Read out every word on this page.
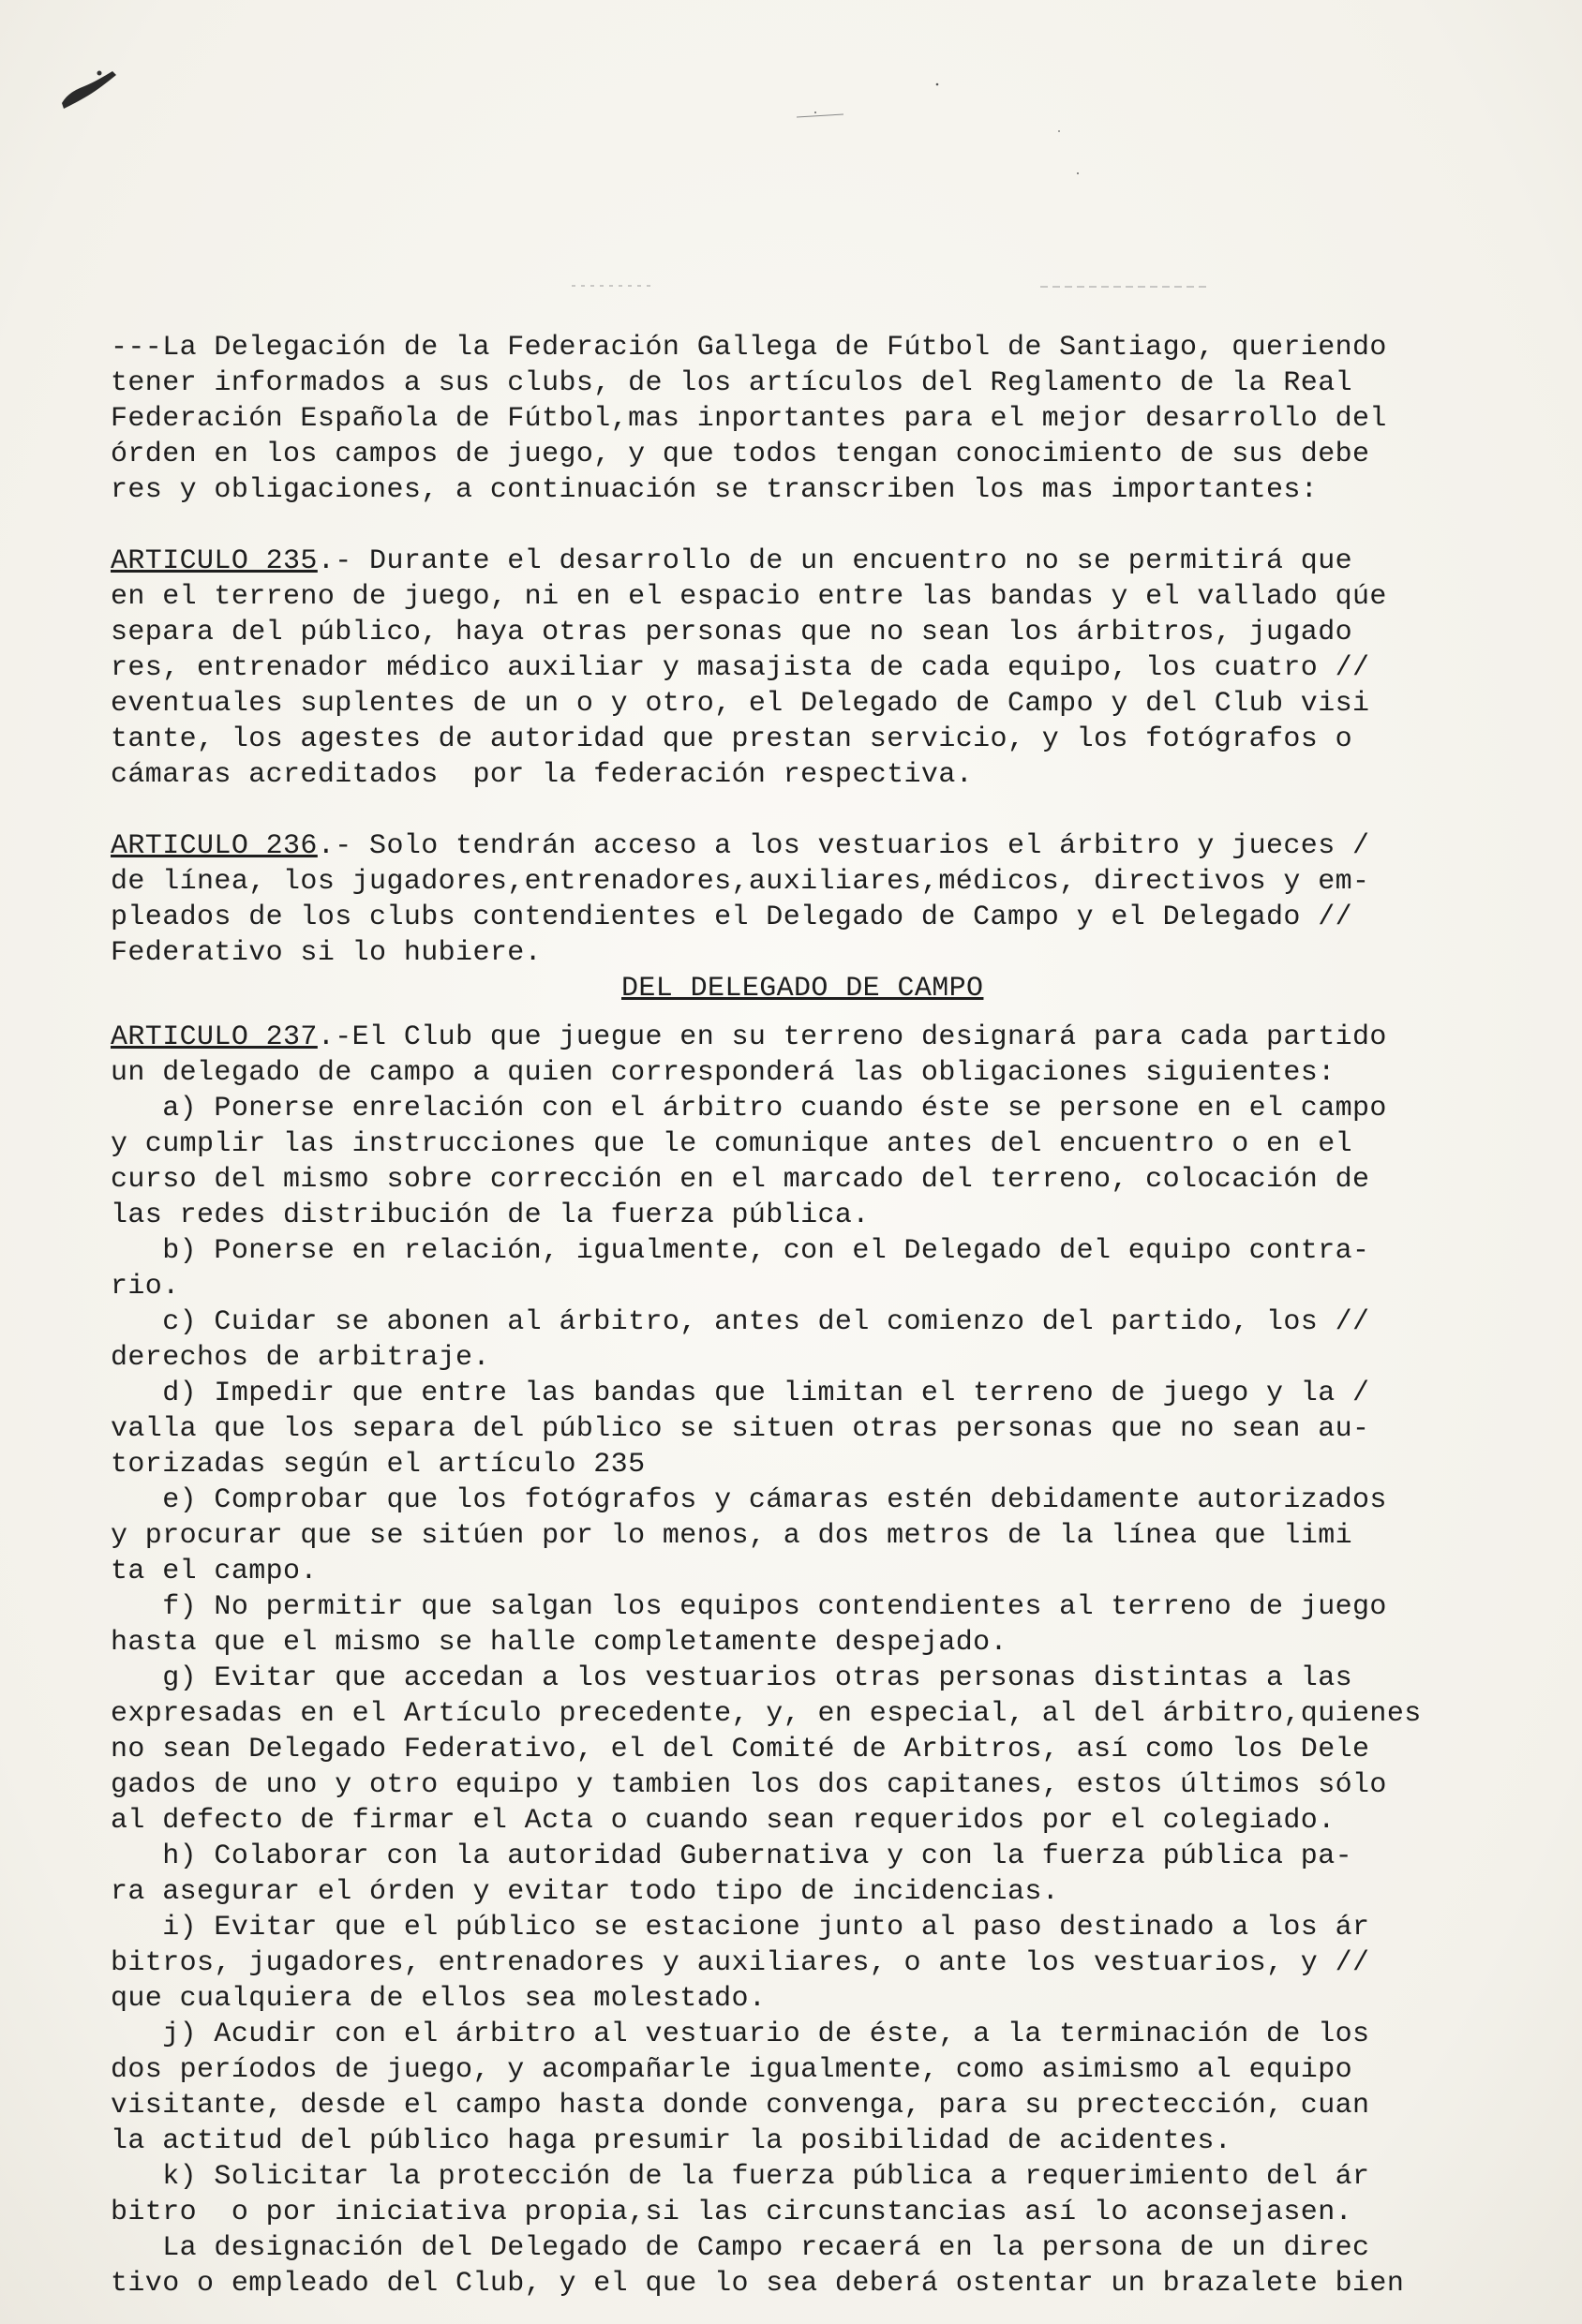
---La Delegación de la Federación Gallega de Fútbol de Santiago, queriendo

tener informados a sus clubs, de los artículos del Reglamento de la Real

Federación Española de Fútbol,mas inportantes para el mejor desarrollo del

órden en los campos de juego, y que todos tengan conocimiento de sus debe

res y obligaciones, a continuación se transcriben los mas importantes:

ARTICULO 235.- Durante el desarrollo de un encuentro no se permitirá que

en el terreno de juego, ni en el espacio entre las bandas y el vallado qúe

separa del público, haya otras personas que no sean los árbitros, jugado

res, entrenador médico auxiliar y masajista de cada equipo, los cuatro //

eventuales suplentes de un o y otro, el Delegado de Campo y del Club visi

tante, los agestes de autoridad que prestan servicio, y los fotógrafos o

cámaras acreditados  por la federación respectiva.

ARTICULO 236.- Solo tendrán acceso a los vestuarios el árbitro y jueces /

de línea, los jugadores,entrenadores,auxiliares,médicos, directivos y em-

pleados de los clubs contendientes el Delegado de Campo y el Delegado //

Federativo si lo hubiere.

DEL DELEGADO DE CAMPO

ARTICULO 237.-El Club que juegue en su terreno designará para cada partido

un delegado de campo a quien corresponderá las obligaciones siguientes:

a) Ponerse enrelación con el árbitro cuando éste se persone en el campo

y cumplir las instrucciones que le comunique antes del encuentro o en el

curso del mismo sobre corrección en el marcado del terreno, colocación de

las redes distribución de la fuerza pública.

b) Ponerse en relación, igualmente, con el Delegado del equipo contra-

rio.

c) Cuidar se abonen al árbitro, antes del comienzo del partido, los //

derechos de arbitraje.

d) Impedir que entre las bandas que limitan el terreno de juego y la /

valla que los separa del público se situen otras personas que no sean au-

torizadas según el artículo 235

e) Comprobar que los fotógrafos y cámaras estén debidamente autorizados

y procurar que se sitúen por lo menos, a dos metros de la línea que limi

ta el campo.

f) No permitir que salgan los equipos contendientes al terreno de juego

hasta que el mismo se halle completamente despejado.

g) Evitar que accedan a los vestuarios otras personas distintas a las

expresadas en el Artículo precedente, y, en especial, al del árbitro,quienes

no sean Delegado Federativo, el del Comité de Arbitros, así como los Dele

gados de uno y otro equipo y tambien los dos capitanes, estos últimos sólo

al defecto de firmar el Acta o cuando sean requeridos por el colegiado.

h) Colaborar con la autoridad Gubernativa y con la fuerza pública pa-

ra asegurar el órden y evitar todo tipo de incidencias.

i) Evitar que el público se estacione junto al paso destinado a los ár

bitros, jugadores, entrenadores y auxiliares, o ante los vestuarios, y //

que cualquiera de ellos sea molestado.

j) Acudir con el árbitro al vestuario de éste, a la terminación de los

dos períodos de juego, y acompañarle igualmente, como asimismo al equipo

visitante, desde el campo hasta donde convenga, para su prectección, cuan

la actitud del público haga presumir la posibilidad de acidentes.

k) Solicitar la protección de la fuerza pública a requerimiento del ár

bitro  o por iniciativa propia,si las circunstancias así lo aconsejasen.

La designación del Delegado de Campo recaerá en la persona de un direc

tivo o empleado del Club, y el que lo sea deberá ostentar un brazalete bien
